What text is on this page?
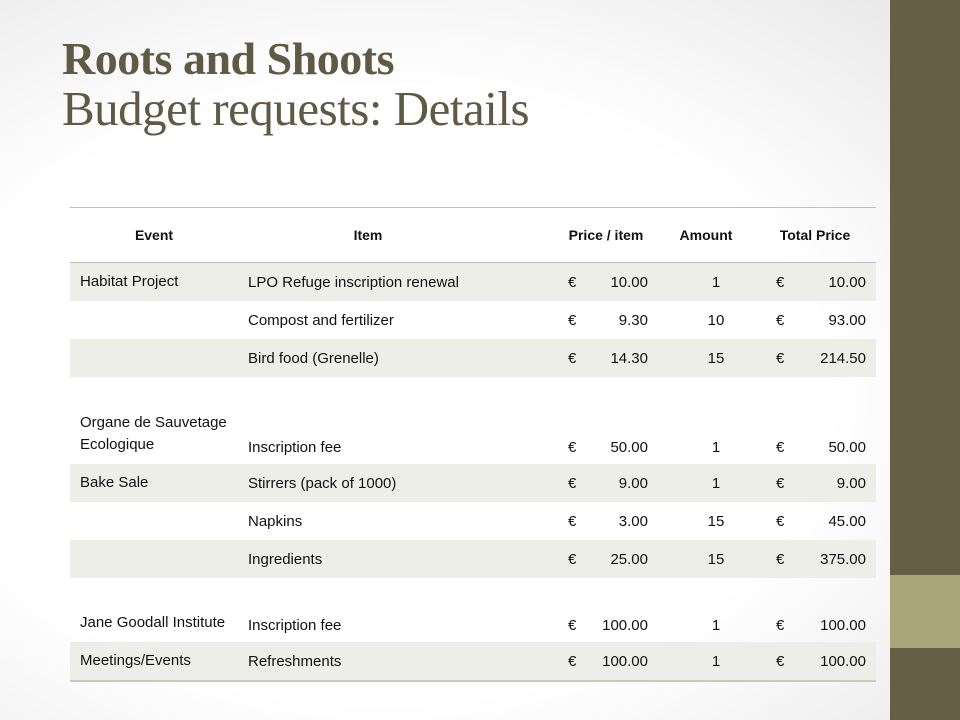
Roots and Shoots
Budget requests: Details
Event	Item	Price / item	Amount	Total Price
Habitat Project	LPO Refuge inscription renewal	€ 10.00	1	€ 10.00

	Compost and fertilizer	€ 9.30	10	€ 93.00

	Bird food (Grenelle)	€ 14.30	15	€ 214.50

Organe de Sauvetage Ecologique	Inscription fee	€ 50.00	1	€ 50.00

Bake Sale	Stirrers (pack of 1000)	€ 9.00	1	€ 9.00

	Napkins	€ 3.00	15	€ 45.00

	Ingredients	€ 25.00	15	€ 375.00

Jane Goodall Institute	Inscription fee	€ 100.00	1	€ 100.00

Meetings/Events	Refreshments	€ 100.00	1	€ 100.00
